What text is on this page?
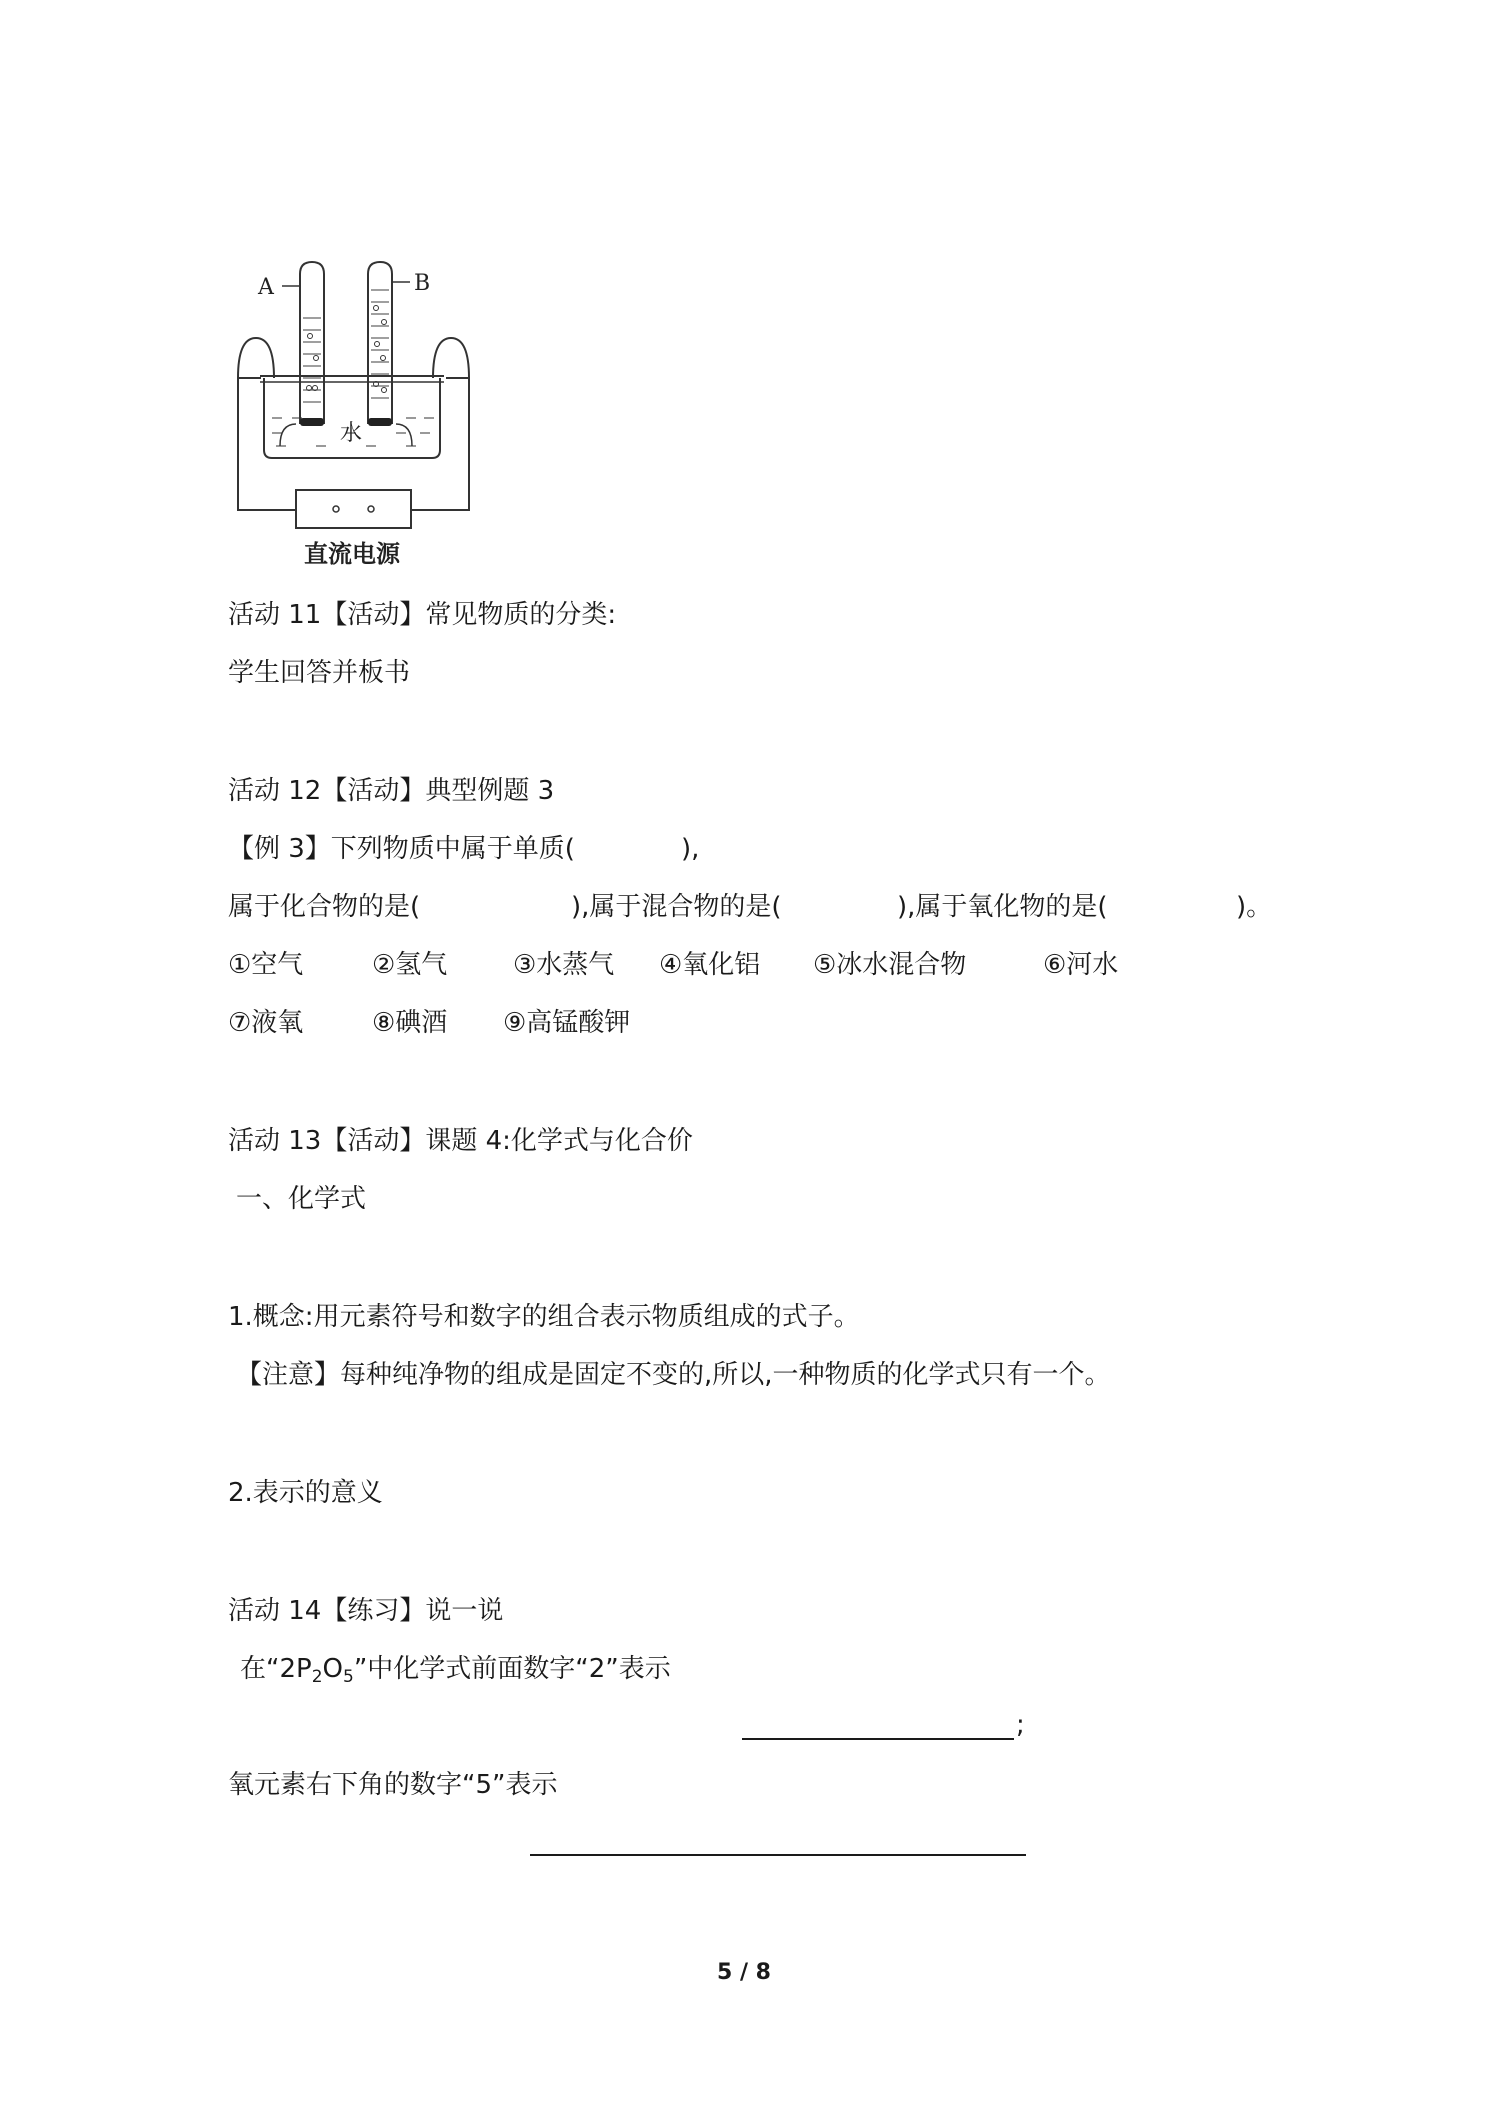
A	B
水
直流电源
活动 11【活动】常见物质的分类:
学生回答并板书
活动 12【活动】典型例题 3
【例 3】下列物质中属于单质(	),
属于化合物的是(	),属于混合物的是(	),属于氧化物的是(	)。
①空气	②氢气	③水蒸气 ④氧化铝 ⑤冰水混合物	⑥河水
⑦液氧	⑧碘酒 ⑨高锰酸钾
活动 13【活动】课题 4:化学式与化合价
一、化学式
1.概念:用元素符号和数字的组合表示物质组成的式子。
【注意】每种纯净物的组成是固定不变的,所以,一种物质的化学式只有一个。
2.表示的意义
活动 14【练习】说一说
在“$2P_2O_5$”中化学式前面数字“2”表示
;
氧元素右下角的数字“5”表示
5 / 8
